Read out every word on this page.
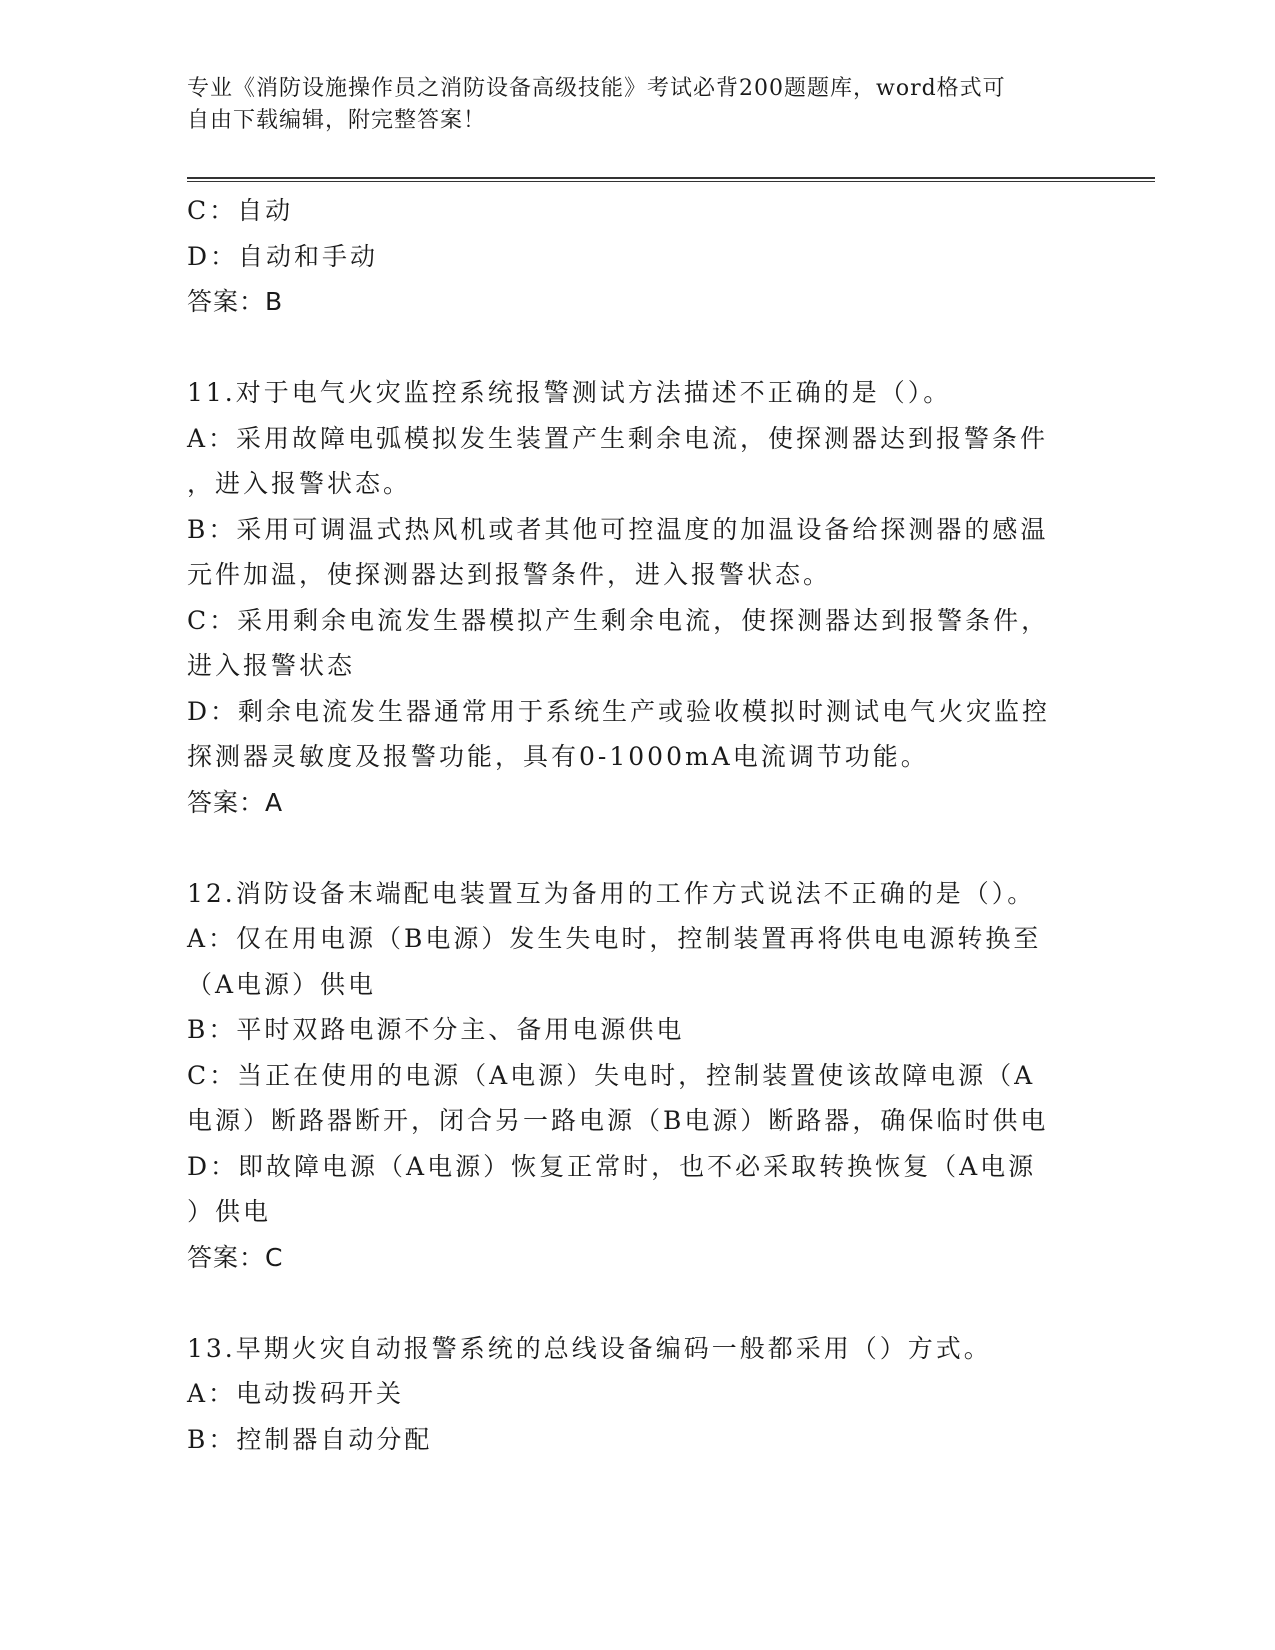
专业《消防设施操作员之消防设备高级技能》考试必背200题题库，word格式可
自由下载编辑，附完整答案！
C：自动
D：自动和手动
答案：B
11.对于电气火灾监控系统报警测试方法描述不正确的是（）。
A：采用故障电弧模拟发生装置产生剩余电流，使探测器达到报警条件
，进入报警状态。
B：采用可调温式热风机或者其他可控温度的加温设备给探测器的感温
元件加温，使探测器达到报警条件，进入报警状态。
C：采用剩余电流发生器模拟产生剩余电流，使探测器达到报警条件，
进入报警状态
D：剩余电流发生器通常用于系统生产或验收模拟时测试电气火灾监控
探测器灵敏度及报警功能，具有0-1000mA电流调节功能。
答案：A
12.消防设备末端配电装置互为备用的工作方式说法不正确的是（）。
A：仅在用电源（B电源）发生失电时，控制装置再将供电电源转换至
（A电源）供电
B：平时双路电源不分主、备用电源供电
C：当正在使用的电源（A电源）失电时，控制装置使该故障电源（A
电源）断路器断开，闭合另一路电源（B电源）断路器，确保临时供电
D：即故障电源（A电源）恢复正常时，也不必采取转换恢复（A电源
）供电
答案：C
13.早期火灾自动报警系统的总线设备编码一般都采用（）方式。
A：电动拨码开关
B：控制器自动分配
